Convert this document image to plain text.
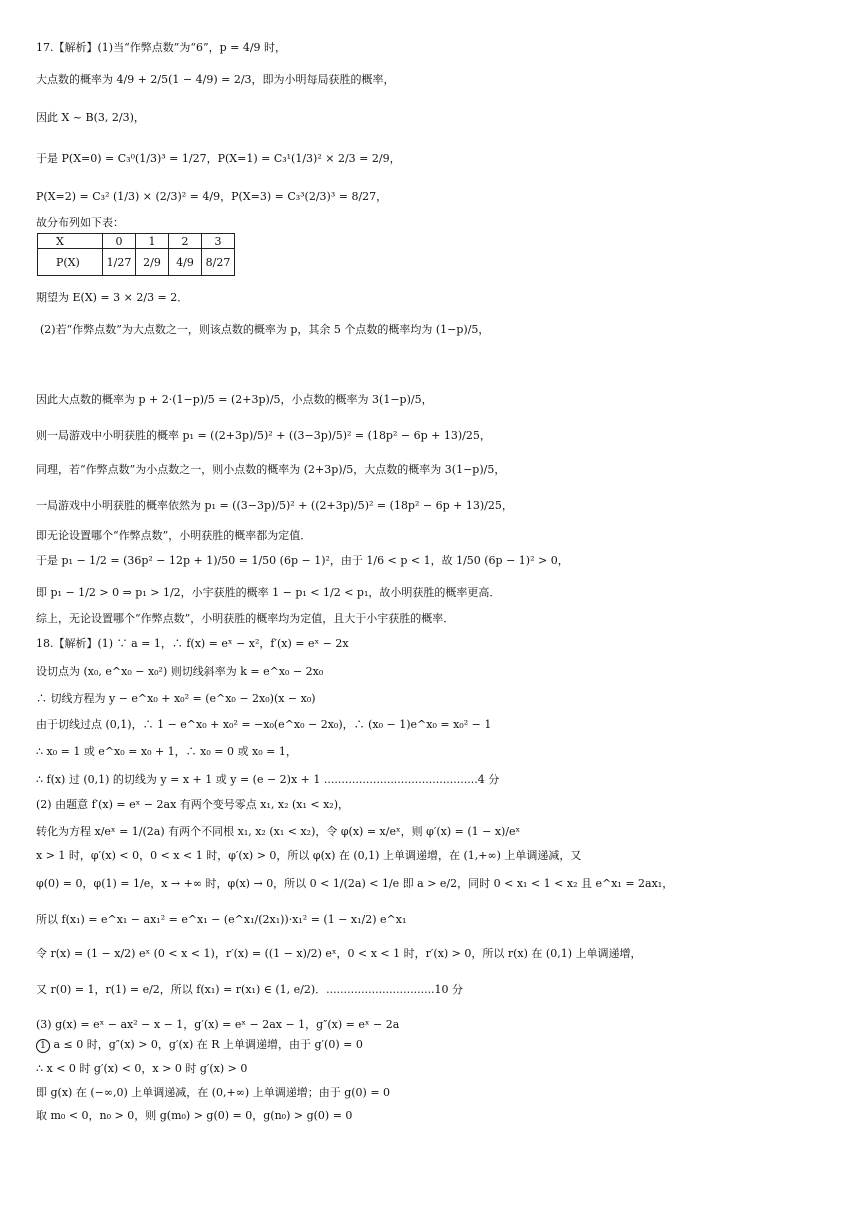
17.【解析】(1)当“作弊点数”为“6”，p = 4/9 时，
大点数的概率为 4/9 + 2/5(1 − 4/9) = 2/3，即为小明每局获胜的概率，
因此 X ~ B(3, 2/3)，
于是 P(X=0) = C₃⁰(1/3)³ = 1/27，P(X=1) = C₃¹(1/3)² × 2/3 = 2/9，
P(X=2) = C₃² (1/3) × (2/3)² = 4/9，P(X=3) = C₃³(2/3)³ = 8/27，
故分布列如下表：
X	0	1	2	3
P(X)	1/27	2/9	4/9	8/27
期望为 E(X) = 3 × 2/3 = 2．
(2)若“作弊点数”为大点数之一，则该点数的概率为 p，其余 5 个点数的概率均为 (1−p)/5，
因此大点数的概率为 p + 2·(1−p)/5 = (2+3p)/5，小点数的概率为 3(1−p)/5，
则一局游戏中小明获胜的概率 p₁ = ((2+3p)/5)² + ((3−3p)/5)² = (18p² − 6p + 13)/25，
同理，若“作弊点数”为小点数之一，则小点数的概率为 (2+3p)/5，大点数的概率为 3(1−p)/5，
一局游戏中小明获胜的概率依然为 p₁ = ((3−3p)/5)² + ((2+3p)/5)² = (18p² − 6p + 13)/25，
即无论设置哪个“作弊点数”，小明获胜的概率都为定值．
于是 p₁ − 1/2 = (36p² − 12p + 1)/50 = 1/50 (6p − 1)²，由于 1/6 < p < 1，故 1/50 (6p − 1)² > 0，
即 p₁ − 1/2 > 0 ⇒ p₁ > 1/2，小宇获胜的概率 1 − p₁ < 1/2 < p₁，故小明获胜的概率更高．
综上，无论设置哪个“作弊点数”，小明获胜的概率均为定值，且大于小宇获胜的概率．
18.【解析】(1) ∵ a = 1，∴ f(x) = eˣ − x²，f′(x) = eˣ − 2x
设切点为 (x₀, e^x₀ − x₀²) 则切线斜率为 k = e^x₀ − 2x₀
∴ 切线方程为 y − e^x₀ + x₀² = (e^x₀ − 2x₀)(x − x₀)
由于切线过点 (0,1)，∴ 1 − e^x₀ + x₀² = −x₀(e^x₀ − 2x₀)，∴ (x₀ − 1)e^x₀ = x₀² − 1
∴ x₀ = 1 或 e^x₀ = x₀ + 1，∴ x₀ = 0 或 x₀ = 1，
∴ f(x) 过 (0,1) 的切线为 y = x + 1 或 y = (e − 2)x + 1 ............................................4 分
(2) 由题意 f′(x) = eˣ − 2ax 有两个变号零点 x₁, x₂ (x₁ < x₂)，
转化为方程 x/eˣ = 1/(2a) 有两个不同根 x₁, x₂ (x₁ < x₂)，令 φ(x) = x/eˣ，则 φ′(x) = (1 − x)/eˣ
x > 1 时，φ′(x) < 0，0 < x < 1 时，φ′(x) > 0，所以 φ(x) 在 (0,1) 上单调递增，在 (1,+∞) 上单调递减，又
φ(0) = 0，φ(1) = 1/e，x → +∞ 时，φ(x) → 0，所以 0 < 1/(2a) < 1/e 即 a > e/2，同时 0 < x₁ < 1 < x₂ 且 e^x₁ = 2ax₁，
所以 f(x₁) = e^x₁ − ax₁² = e^x₁ − (e^x₁/(2x₁))·x₁² = (1 − x₁/2) e^x₁
令 r(x) = (1 − x/2) eˣ (0 < x < 1)，r′(x) = ((1 − x)/2) eˣ，0 < x < 1 时，r′(x) > 0，所以 r(x) 在 (0,1) 上单调递增，
又 r(0) = 1，r(1) = e/2，所以 f(x₁) = r(x₁) ∈ (1, e/2)．...............................10 分
(3) g(x) = eˣ − ax² − x − 1，g′(x) = eˣ − 2ax − 1，g″(x) = eˣ − 2a
1 a ≤ 0 时，g″(x) > 0，g′(x) 在 R 上单调递增，由于 g′(0) = 0
∴ x < 0 时 g′(x) < 0，x > 0 时 g′(x) > 0
即 g(x) 在 (−∞,0) 上单调递减，在 (0,+∞) 上单调递增；由于 g(0) = 0
取 m₀ < 0，n₀ > 0，则 g(m₀) > g(0) = 0，g(n₀) > g(0) = 0
